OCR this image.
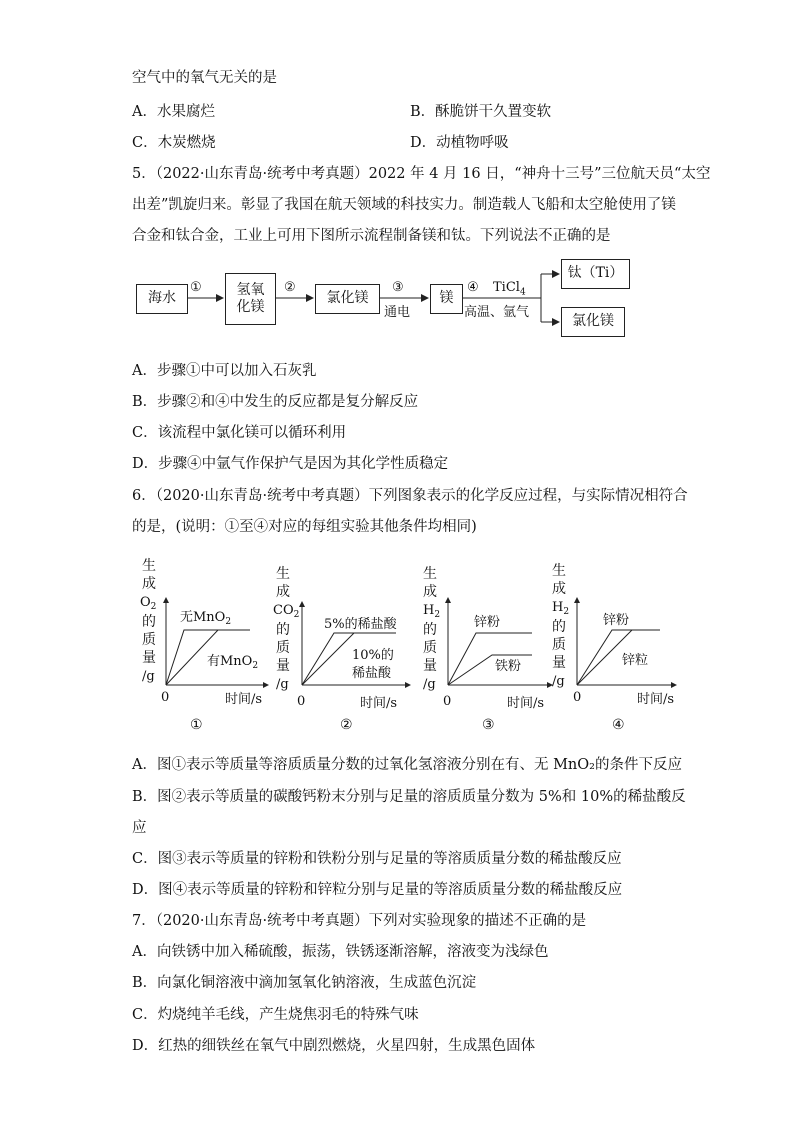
空气中的氧气无关的是
A．水果腐烂	B．酥脆饼干久置变软
C．木炭燃烧	D．动植物呼吸
5．（2022·山东青岛·统考中考真题）2022 年 4 月 16 日，“神舟十三号”三位航天员“太空
出差”凯旋归来。彰显了我国在航天领域的科技实力。制造载人飞船和太空舱使用了镁
合金和钛合金，工业上可用下图所示流程制备镁和钛。下列说法不正确的是
海水
氢氧
化镁
氯化镁	镁
钛（Ti）
氯化镁
①	②	③
通电
④ TiCl$_4$
高温、氩气
A．步骤①中可以加入石灰乳
B．步骤②和④中发生的反应都是复分解反应
C．该流程中氯化镁可以循环利用
D．步骤④中氩气作保护气是因为其化学性质稳定
6．（2020·山东青岛·统考中考真题）下列图象表示的化学反应过程，与实际情况相符合
的是，(说明：①至④对应的每组实验其他条件均相同)
生
成
$O_2$
的
质
量
/g
无MnO$_2$
有MnO$_2$
0	时间/s
①
生
成
$CO_2$
的
质
量
/g
5%的稀盐酸
10%的
稀盐酸
0	时间/s
②
生
成
$H_2$
的
质
量
/g
锌粉
铁粉
0	时间/s
③
生
成
$H_2$
的
质
量
/g
锌粉
锌粒
0	时间/s
④
A．图①表示等质量等溶质质量分数的过氧化氢溶液分别在有、无 MnO₂的条件下反应
B．图②表示等质量的碳酸钙粉末分别与足量的溶质质量分数为 5%和 10%的稀盐酸反
应
C．图③表示等质量的锌粉和铁粉分别与足量的等溶质质量分数的稀盐酸反应
D．图④表示等质量的锌粉和锌粒分别与足量的等溶质质量分数的稀盐酸反应
7．（2020·山东青岛·统考中考真题）下列对实验现象的描述不正确的是
A．向铁锈中加入稀硫酸，振荡，铁锈逐渐溶解，溶液变为浅绿色
B．向氯化铜溶液中滴加氢氧化钠溶液，生成蓝色沉淀
C．灼烧纯羊毛线，产生烧焦羽毛的特殊气味
D．红热的细铁丝在氧气中剧烈燃烧，火星四射，生成黑色固体
